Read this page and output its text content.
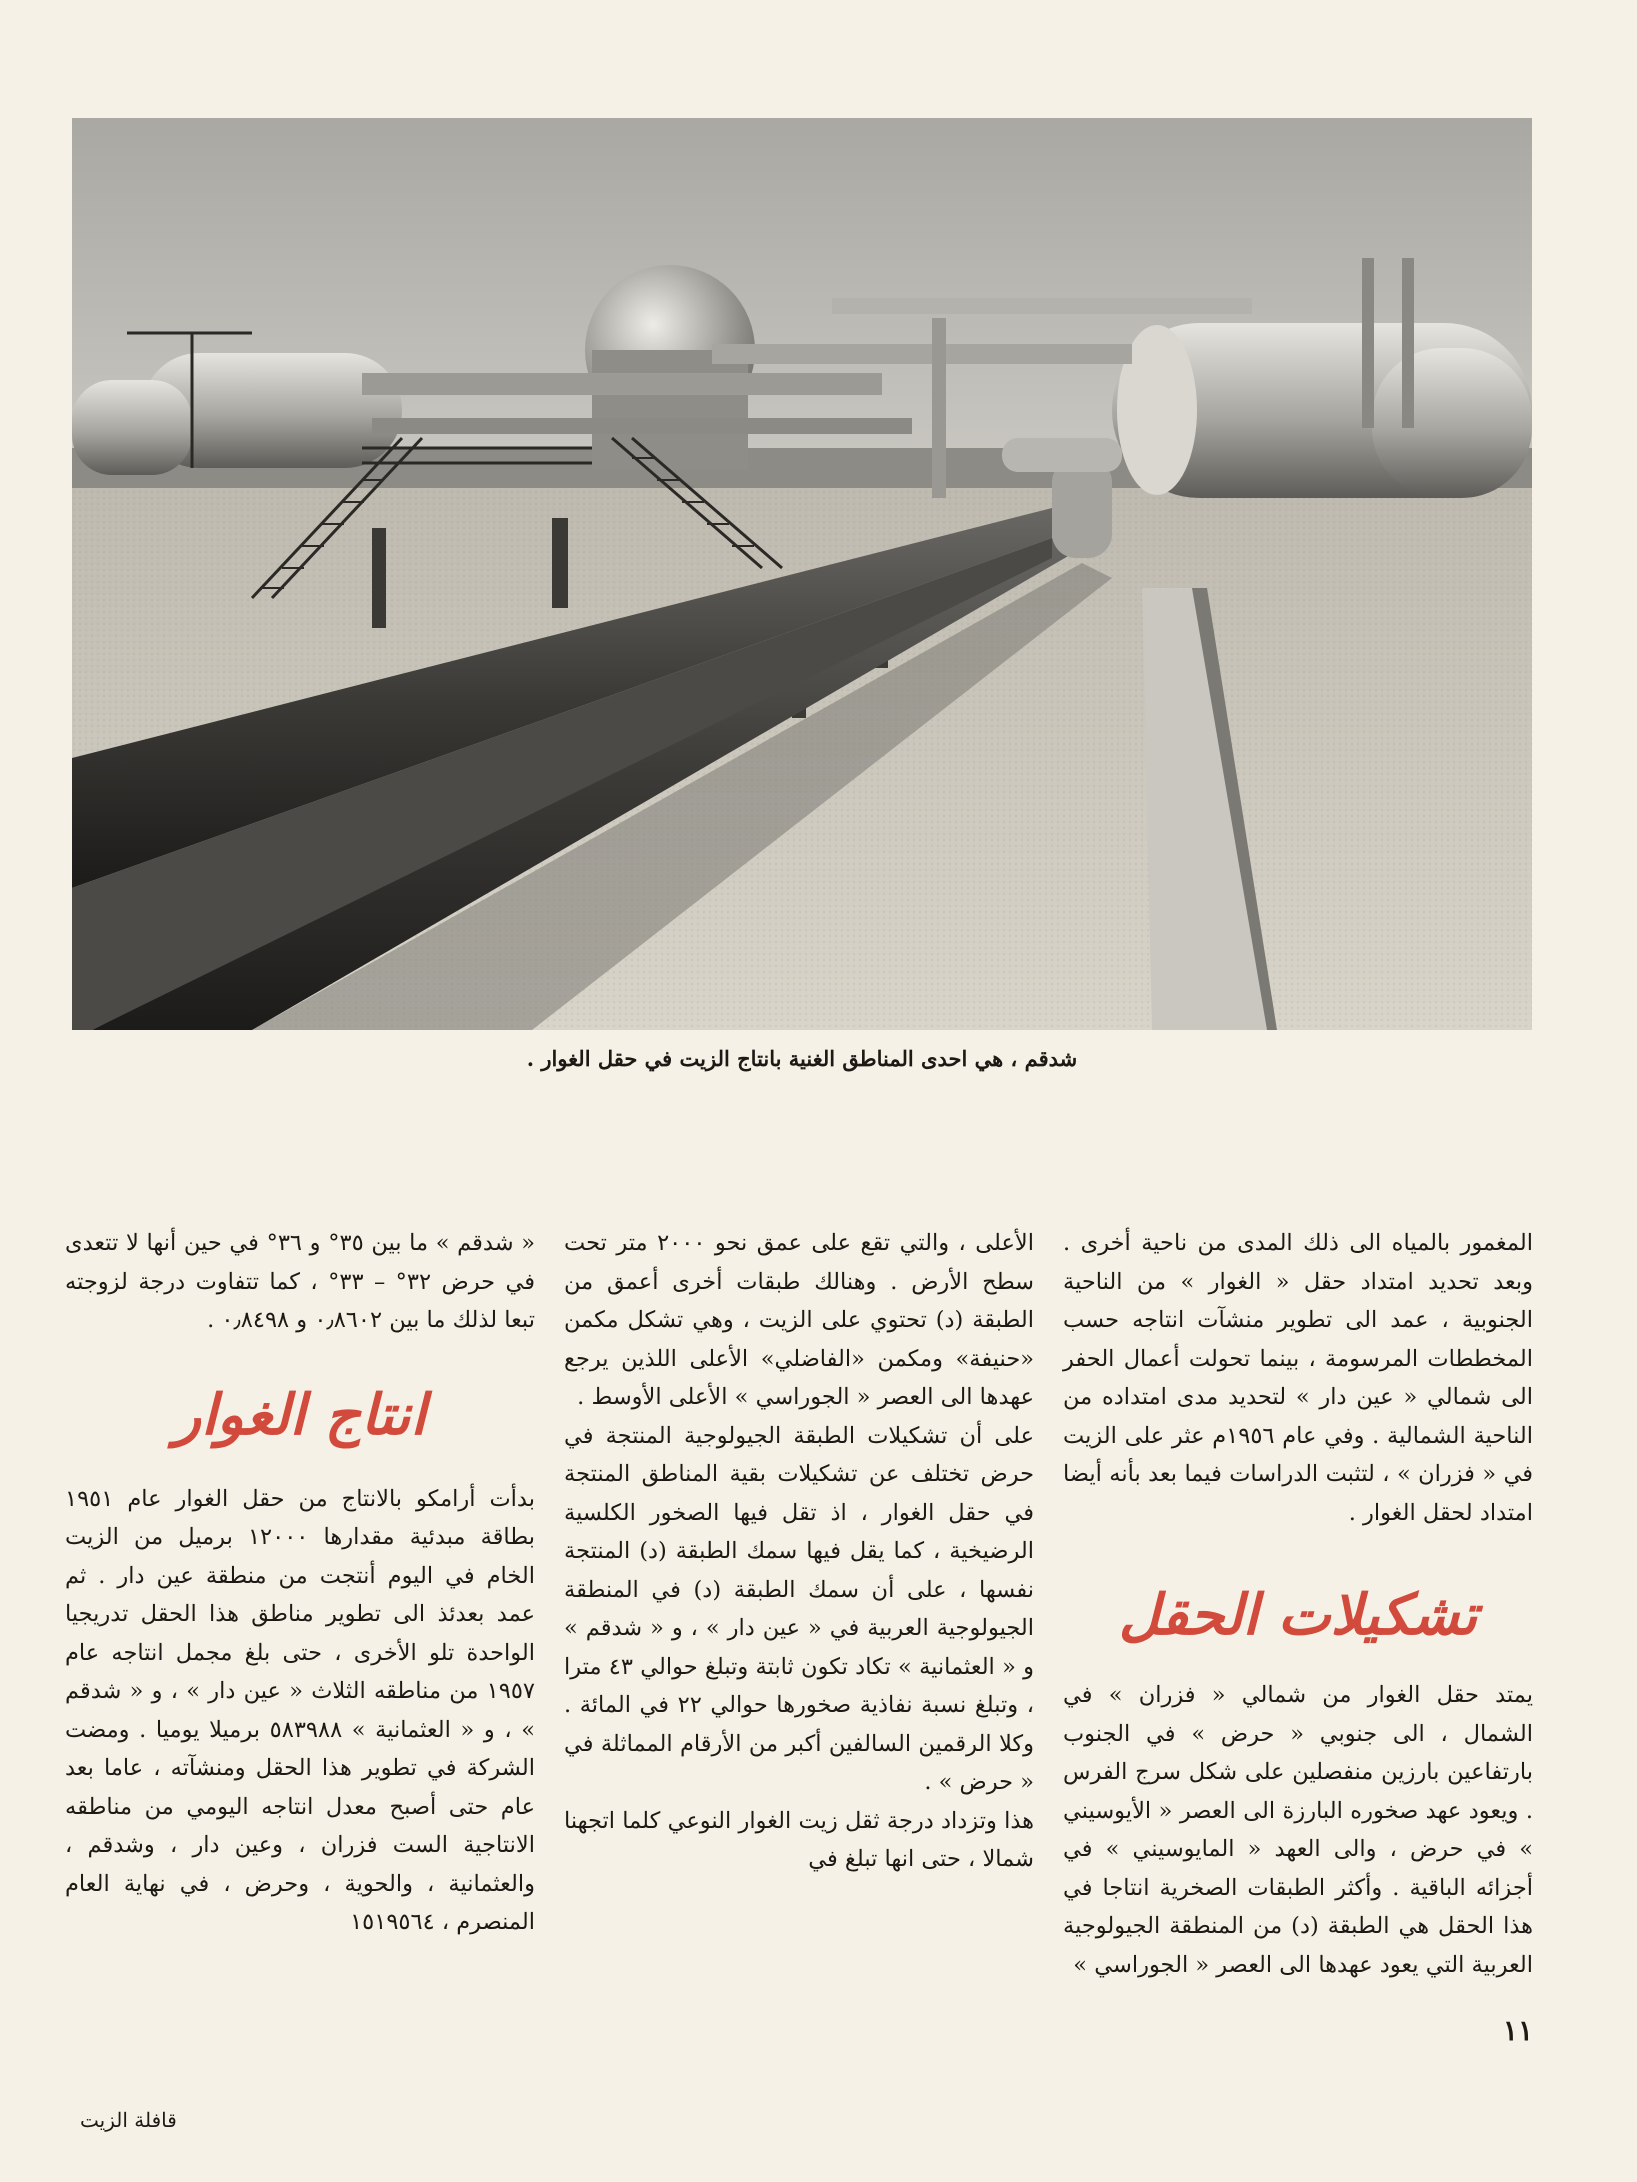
شدقم ، هي احدى المناطق الغنية بانتاج الزيت في حقل الغوار .

المغمور بالمياه الى ذلك المدى من ناحية أخرى . وبعد تحديد امتداد حقل « الغوار » من الناحية الجنوبية ، عمد الى تطوير منشآت انتاجه حسب المخططات المرسومة ، بينما تحولت أعمال الحفر الى شمالي « عين دار » لتحديد مدى امتداده من الناحية الشمالية . وفي عام ١٩٥٦م عثر على الزيت في « فزران » ، لتثبت الدراسات فيما بعد بأنه أيضا امتداد لحقل الغوار .

تشكيلات الحقل

يمتد حقل الغوار من شمالي « فزران » في الشمال ، الى جنوبي « حرض » في الجنوب بارتفاعين بارزين منفصلين على شكل سرج الفرس . ويعود عهد صخوره البارزة الى العصر « الأيوسيني » في حرض ، والى العهد « المايوسيني » في أجزائه الباقية . وأكثر الطبقات الصخرية انتاجا في هذا الحقل هي الطبقة (د) من المنطقة الجيولوجية العربية التي يعود عهدها الى العصر « الجوراسي »

الأعلى ، والتي تقع على عمق نحو ٢٠٠٠ متر تحت سطح الأرض . وهنالك طبقات أخرى أعمق من الطبقة (د) تحتوي على الزيت ، وهي تشكل مكمن «حنيفة» ومكمن «الفاضلي» الأعلى اللذين يرجع عهدها الى العصر « الجوراسي » الأعلى الأوسط .

على أن تشكيلات الطبقة الجيولوجية المنتجة في حرض تختلف عن تشكيلات بقية المناطق المنتجة في حقل الغوار ، اذ تقل فيها الصخور الكلسية الرضيخية ، كما يقل فيها سمك الطبقة (د) المنتجة نفسها ، على أن سمك الطبقة (د) في المنطقة الجيولوجية العربية في « عين دار » ، و « شدقم » و « العثمانية » تكاد تكون ثابتة وتبلغ حوالي ٤٣ مترا ، وتبلغ نسبة نفاذية صخورها حوالي ٢٢ في المائة . وكلا الرقمين السالفين أكبر من الأرقام المماثلة في « حرض » .

هذا وتزداد درجة ثقل زيت الغوار النوعي كلما اتجهنا شمالا ، حتى انها تبلغ في

« شدقم » ما بين ٣٥° و ٣٦° في حين أنها لا تتعدى في حرض ٣٢° – ٣٣° ، كما تتفاوت درجة لزوجته تبعا لذلك ما بين ٠٫٨٦٠٢ و ٠٫٨٤٩٨ .

انتاج الغوار

بدأت أرامكو بالانتاج من حقل الغوار عام ١٩٥١ بطاقة مبدئية مقدارها ١٢٠٠٠ برميل من الزيت الخام في اليوم أنتجت من منطقة عين دار . ثم عمد بعدئذ الى تطوير مناطق هذا الحقل تدريجيا الواحدة تلو الأخرى ، حتى بلغ مجمل انتاجه عام ١٩٥٧ من مناطقه الثلاث « عين دار » ، و « شدقم » ، و « العثمانية » ٥٨٣٩٨٨ برميلا يوميا . ومضت الشركة في تطوير هذا الحقل ومنشآته ، عاما بعد عام حتى أصبح معدل انتاجه اليومي من مناطقه الانتاجية الست فزران ، وعين دار ، وشدقم ، والعثمانية ، والحوية ، وحرض ، في نهاية العام المنصرم ، ١٥١٩٥٦٤

١١
قافلة الزيت
